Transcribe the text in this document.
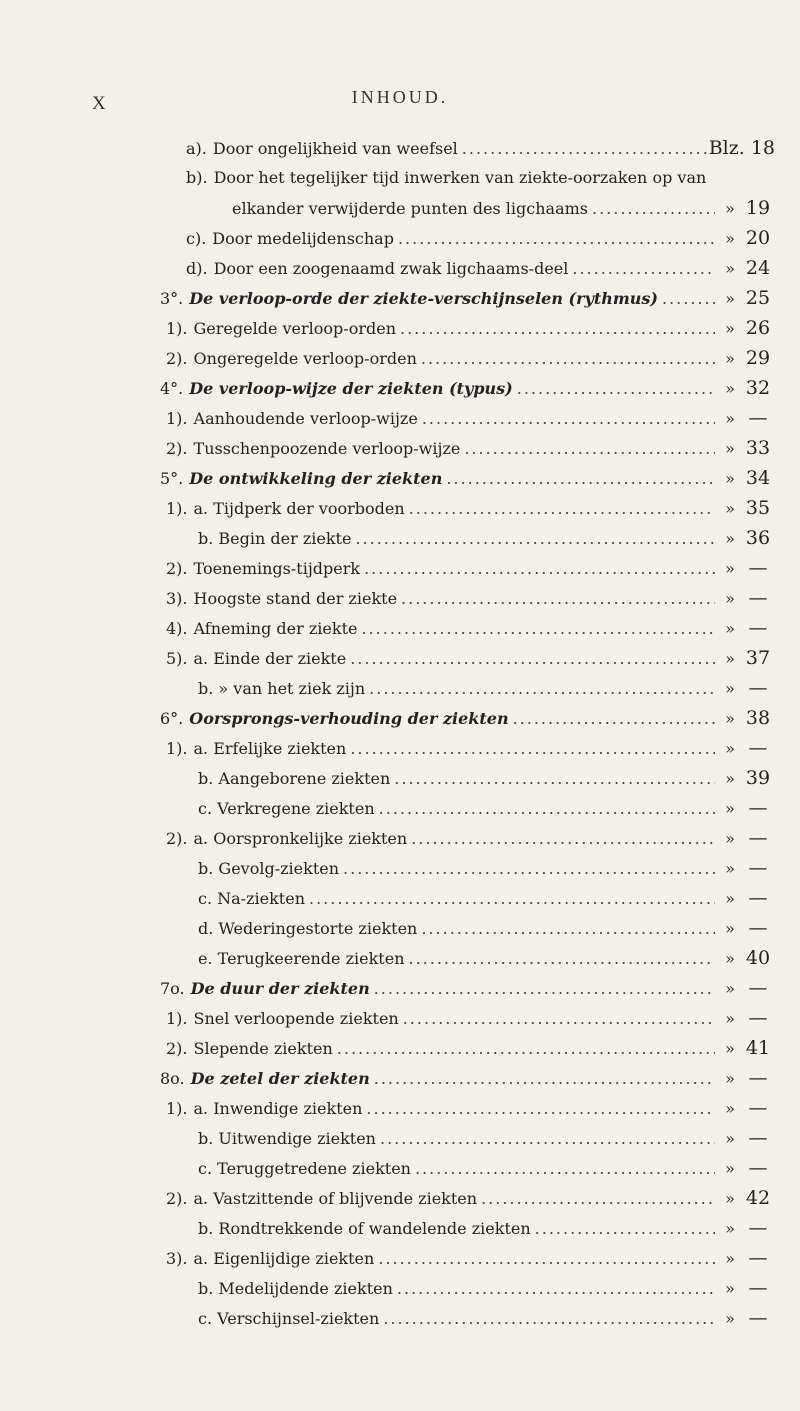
X	INHOUD.
a). Door ongelijkheid van weefsel .....	Blz. 18
b). Door het tegelijker tijd inwerken van ziekte-oorzaken op van
elkander verwijderde punten des ligchaams .....	» 19
c). Door medelijdenschap .....	» 20
d). Door een zoogenaamd zwak ligchaams-deel .....	» 24
3°. De verloop-orde der ziekte-verschijnselen (rythmus) .....	» 25
1). Geregelde verloop-orden .....	» 26
2). Ongeregelde verloop-orden .....	» 29
4°. De verloop-wijze der ziekten (typus) .....	» 32
1). Aanhoudende verloop-wijze .....	» —
2). Tusschenpoozende verloop-wijze .....	» 33
5°. De ontwikkeling der ziekten .....	» 34
1). a. Tijdperk der voorboden .....	» 35
b. Begin der ziekte .....	» 36
2). Toenemings-tijdperk .....	» —
3). Hoogste stand der ziekte .....	» —
4). Afneming der ziekte .....	» —
5). a. Einde der ziekte .....	» 37
b. » van het ziek zijn .....	» —
6°. Oorsprongs-verhouding der ziekten .....	» 38
1). a. Erfelijke ziekten .....	» —
b. Aangeborene ziekten .....	» 39
c. Verkregene ziekten .....	» —
2). a. Oorspronkelijke ziekten .....	» —
b. Gevolg-ziekten .....	» —
c. Na-ziekten .....	» —
d. Wederingestorte ziekten .....	» —
e. Terugkeerende ziekten .....	» 40
7o. De duur der ziekten .....	» —
1). Snel verloopende ziekten .....	» —
2). Slepende ziekten .....	» 41
8o. De zetel der ziekten .....	» —
1). a. Inwendige ziekten .....	» —
b. Uitwendige ziekten .....	» —
c. Teruggetredene ziekten .....	» —
2). a. Vastzittende of blijvende ziekten .....	» 42
b. Rondtrekkende of wandelende ziekten .....	» —
3). a. Eigenlijdige ziekten .....	» —
b. Medelijdende ziekten .....	» —
c. Verschijnsel-ziekten .....	» —
